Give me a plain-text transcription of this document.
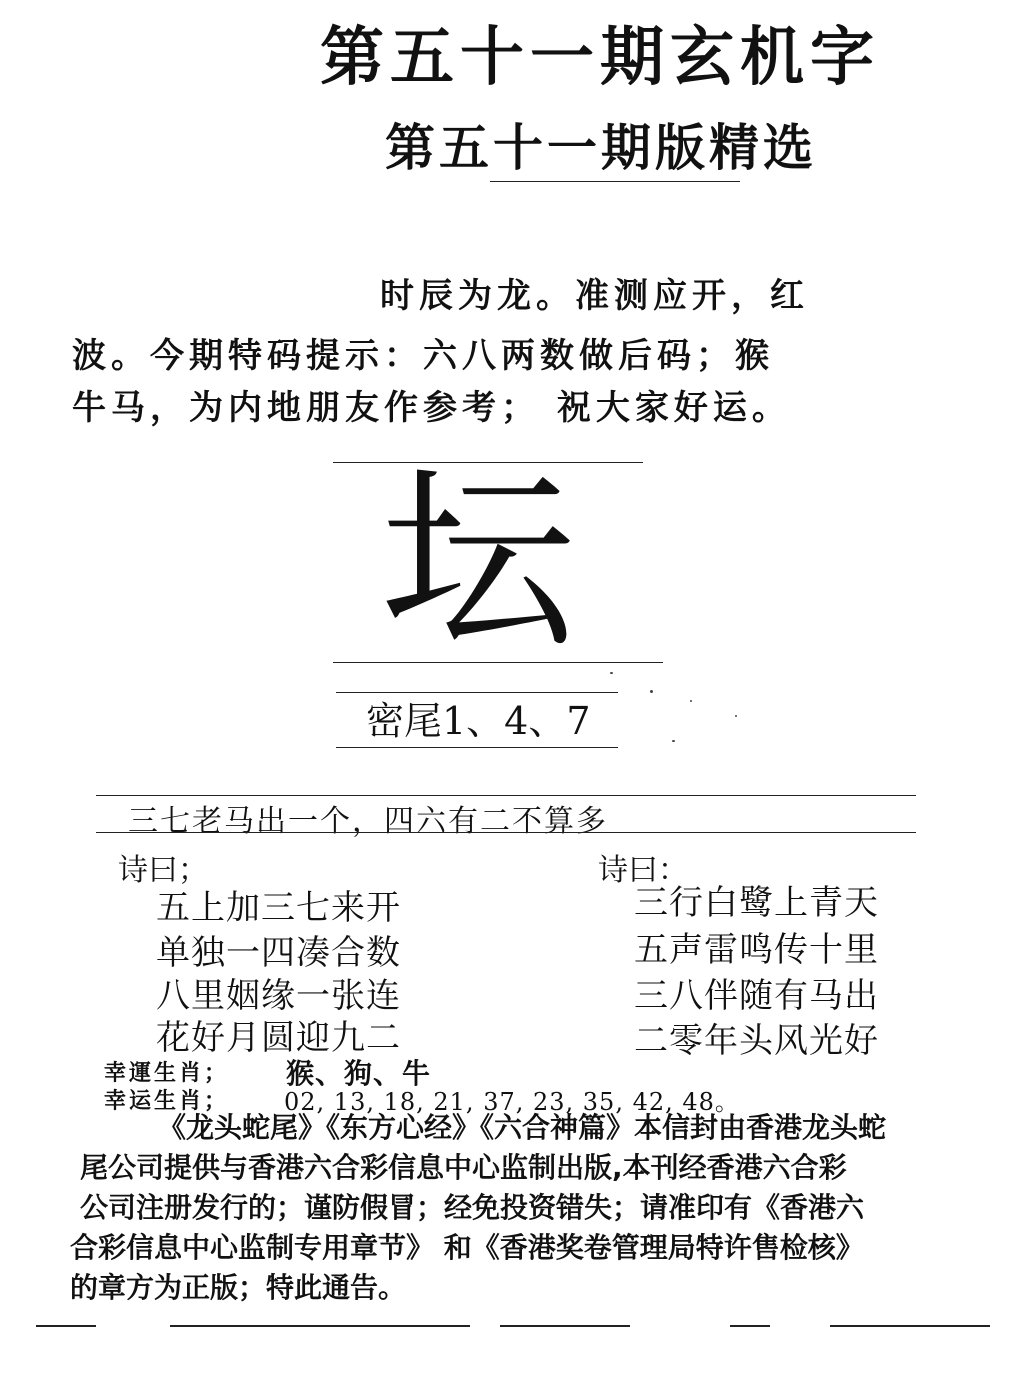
第五十一期玄机字
第五十一期版精选
时辰为龙。准测应开，红
波。今期特码提示：六八两数做后码；猴
牛马，为内地朋友作参考； 祝大家好运。
坛
密尾1、4、7
三七老马出一个，四六有二不算多
诗曰；
五上加三七来开
单独一四凑合数
八里姻缘一张连
花好月圆迎九二
诗曰：
三行白鹭上青天
五声雷鸣传十里
三八伴随有马出
二零年头风光好
幸運生肖； 猴、狗、牛
幸运生肖； 02, 13, 18, 21, 37, 23, 35, 42, 48。
《龙头蛇尾》《东方心经》《六合神篇》本信封由香港龙头蛇
尾公司提供与香港六合彩信息中心监制出版,本刊经香港六合彩
公司注册发行的；谨防假冒；经免投资错失；请准印有《香港六
合彩信息中心监制专用章节》 和《香港奖卷管理局特许售检核》
的章方为正版；特此通告。
